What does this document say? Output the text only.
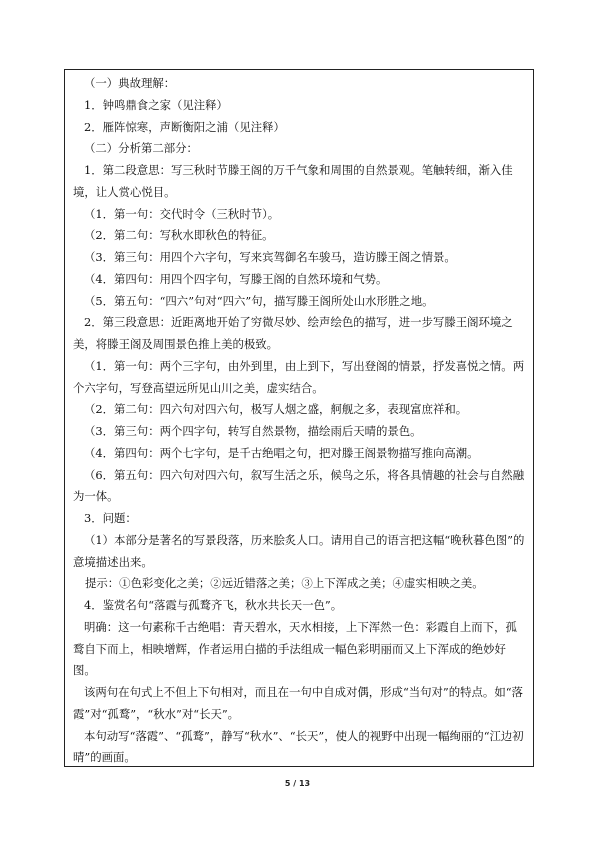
（一）典故理解：

1．钟鸣鼎食之家（见注释）

2．雁阵惊寒，声断衡阳之浦（见注释）

（二）分析第二部分：

1．第二段意思：写三秋时节滕王阁的万千气象和周围的自然景观。笔触转细，渐入佳境，让人赏心悦目。

（1．第一句：交代时令（三秋时节）。

（2．第二句：写秋水即秋色的特征。

（3．第三句：用四个六字句，写来宾驾御名车骏马，造访滕王阁之情景。

（4．第四句：用四个四字句，写滕王阁的自然环境和气势。

（5．第五句：“四六”句对“四六”句，描写滕王阁所处山水形胜之地。

2．第三段意思：近距离地开始了穷微尽妙、绘声绘色的描写，进一步写滕王阁环境之美，将滕王阁及周围景色推上美的极致。

（1．第一句：两个三字句，由外到里，由上到下，写出登阁的情景，抒发喜悦之情。两个六字句，写登高望远所见山川之美，虚实结合。

（2．第二句：四六句对四六句，极写人烟之盛，舸舰之多，表现富庶祥和。

（3．第三句：两个四字句，转写自然景物，描绘雨后天晴的景色。

（4．第四句：两个七字句，是千古绝唱之句，把对滕王阁景物描写推向高潮。

（6．第五句：四六句对四六句，叙写生活之乐，候鸟之乐，将各具情趣的社会与自然融为一体。

3．问题：

（1）本部分是著名的写景段落，历来脍炙人口。请用自己的语言把这幅“晚秋暮色图”的意境描述出来。

提示：①色彩变化之美；②远近错落之美；③上下浑成之美；④虚实相映之美。

4．鉴赏名句“落霞与孤鹜齐飞，秋水共长天一色”。

明确：这一句素称千古绝唱：青天碧水，天水相接，上下浑然一色：彩霞自上而下，孤鹜自下而上，相映增辉，作者运用白描的手法组成一幅色彩明丽而又上下浑成的绝妙好图。

该两句在句式上不但上下句相对，而且在一句中自成对偶，形成“当句对”的特点。如“落霞”对“孤鹜”，“秋水”对“长天”。

本句动写“落霞”、“孤鹜”，静写“秋水”、“长天”，使人的视野中出现一幅绚丽的“江边初晴”的画面。

5 / 13
